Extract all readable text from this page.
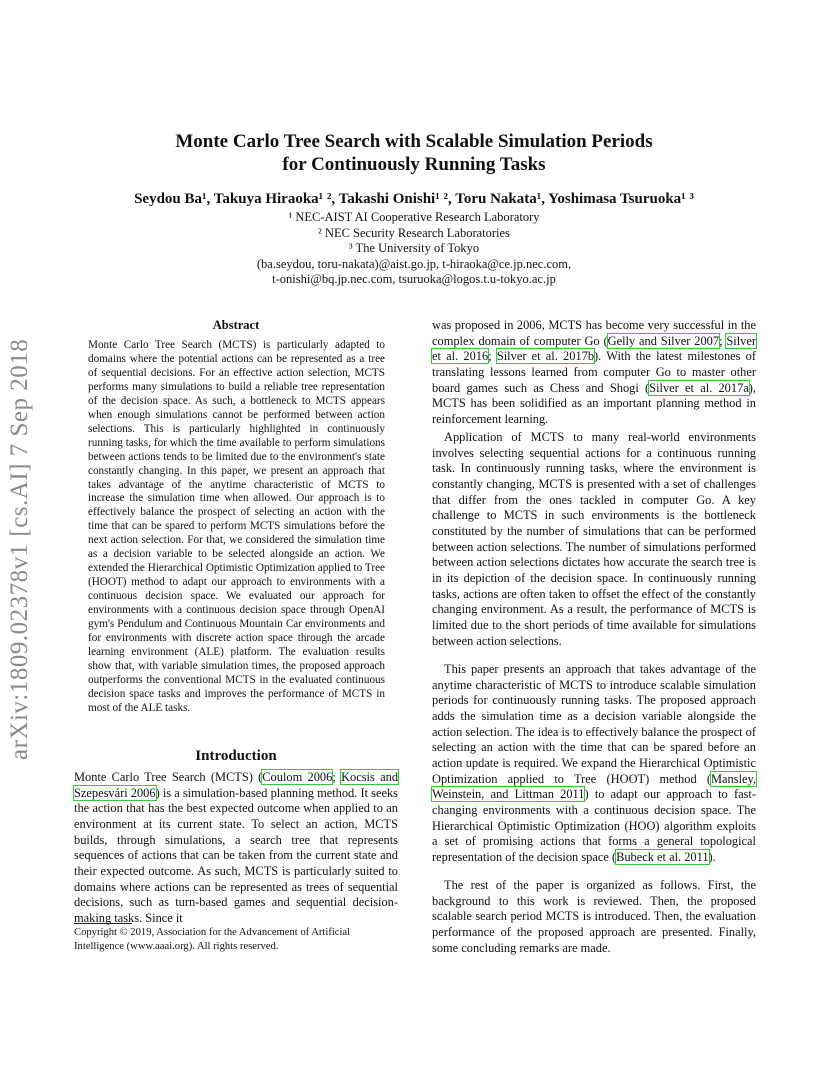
arXiv:1809.02378v1 [cs.AI] 7 Sep 2018
Monte Carlo Tree Search with Scalable Simulation Periods
for Continuously Running Tasks
Seydou Ba¹, Takuya Hiraoka¹ ², Takashi Onishi¹ ², Toru Nakata¹, Yoshimasa Tsuruoka¹ ³
¹ NEC-AIST AI Cooperative Research Laboratory
² NEC Security Research Laboratories
³ The University of Tokyo
(ba.seydou, toru-nakata)@aist.go.jp, t-hiraoka@ce.jp.nec.com,
t-onishi@bq.jp.nec.com, tsuruoka@logos.t.u-tokyo.ac.jp
Abstract
Monte Carlo Tree Search (MCTS) is particularly adapted to domains where the potential actions can be represented as a tree of sequential decisions. For an effective action selection, MCTS performs many simulations to build a reliable tree representation of the decision space. As such, a bottleneck to MCTS appears when enough simulations cannot be performed between action selections. This is particularly highlighted in continuously running tasks, for which the time available to perform simulations between actions tends to be limited due to the environment's state constantly changing. In this paper, we present an approach that takes advantage of the anytime characteristic of MCTS to increase the simulation time when allowed. Our approach is to effectively balance the prospect of selecting an action with the time that can be spared to perform MCTS simulations before the next action selection. For that, we considered the simulation time as a decision variable to be selected alongside an action. We extended the Hierarchical Optimistic Optimization applied to Tree (HOOT) method to adapt our approach to environments with a continuous decision space. We evaluated our approach for environments with a continuous decision space through OpenAI gym's Pendulum and Continuous Mountain Car environments and for environments with discrete action space through the arcade learning environment (ALE) platform. The evaluation results show that, with variable simulation times, the proposed approach outperforms the conventional MCTS in the evaluated continuous decision space tasks and improves the performance of MCTS in most of the ALE tasks.
Introduction
Monte Carlo Tree Search (MCTS) (Coulom 2006; Kocsis and Szepesvári 2006) is a simulation-based planning method. It seeks the action that has the best expected outcome when applied to an environment at its current state. To select an action, MCTS builds, through simulations, a search tree that represents sequences of actions that can be taken from the current state and their expected outcome. As such, MCTS is particularly suited to domains where actions can be represented as trees of sequential decisions, such as turn-based games and sequential decision-making tasks. Since it
Copyright © 2019, Association for the Advancement of Artificial Intelligence (www.aaai.org). All rights reserved.
was proposed in 2006, MCTS has become very successful in the complex domain of computer Go (Gelly and Silver 2007; Silver et al. 2016; Silver et al. 2017b). With the latest milestones of translating lessons learned from computer Go to master other board games such as Chess and Shogi (Silver et al. 2017a), MCTS has been solidified as an important planning method in reinforcement learning.
Application of MCTS to many real-world environments involves selecting sequential actions for a continuous running task. In continuously running tasks, where the environment is constantly changing, MCTS is presented with a set of challenges that differ from the ones tackled in computer Go. A key challenge to MCTS in such environments is the bottleneck constituted by the number of simulations that can be performed between action selections. The number of simulations performed between action selections dictates how accurate the search tree is in its depiction of the decision space. In continuously running tasks, actions are often taken to offset the effect of the constantly changing environment. As a result, the performance of MCTS is limited due to the short periods of time available for simulations between action selections.
This paper presents an approach that takes advantage of the anytime characteristic of MCTS to introduce scalable simulation periods for continuously running tasks. The proposed approach adds the simulation time as a decision variable alongside the action selection. The idea is to effectively balance the prospect of selecting an action with the time that can be spared before an action update is required. We expand the Hierarchical Optimistic Optimization applied to Tree (HOOT) method (Mansley, Weinstein, and Littman 2011) to adapt our approach to fast-changing environments with a continuous decision space. The Hierarchical Optimistic Optimization (HOO) algorithm exploits a set of promising actions that forms a general topological representation of the decision space (Bubeck et al. 2011).
The rest of the paper is organized as follows. First, the background to this work is reviewed. Then, the proposed scalable search period MCTS is introduced. Then, the evaluation performance of the proposed approach are presented. Finally, some concluding remarks are made.
